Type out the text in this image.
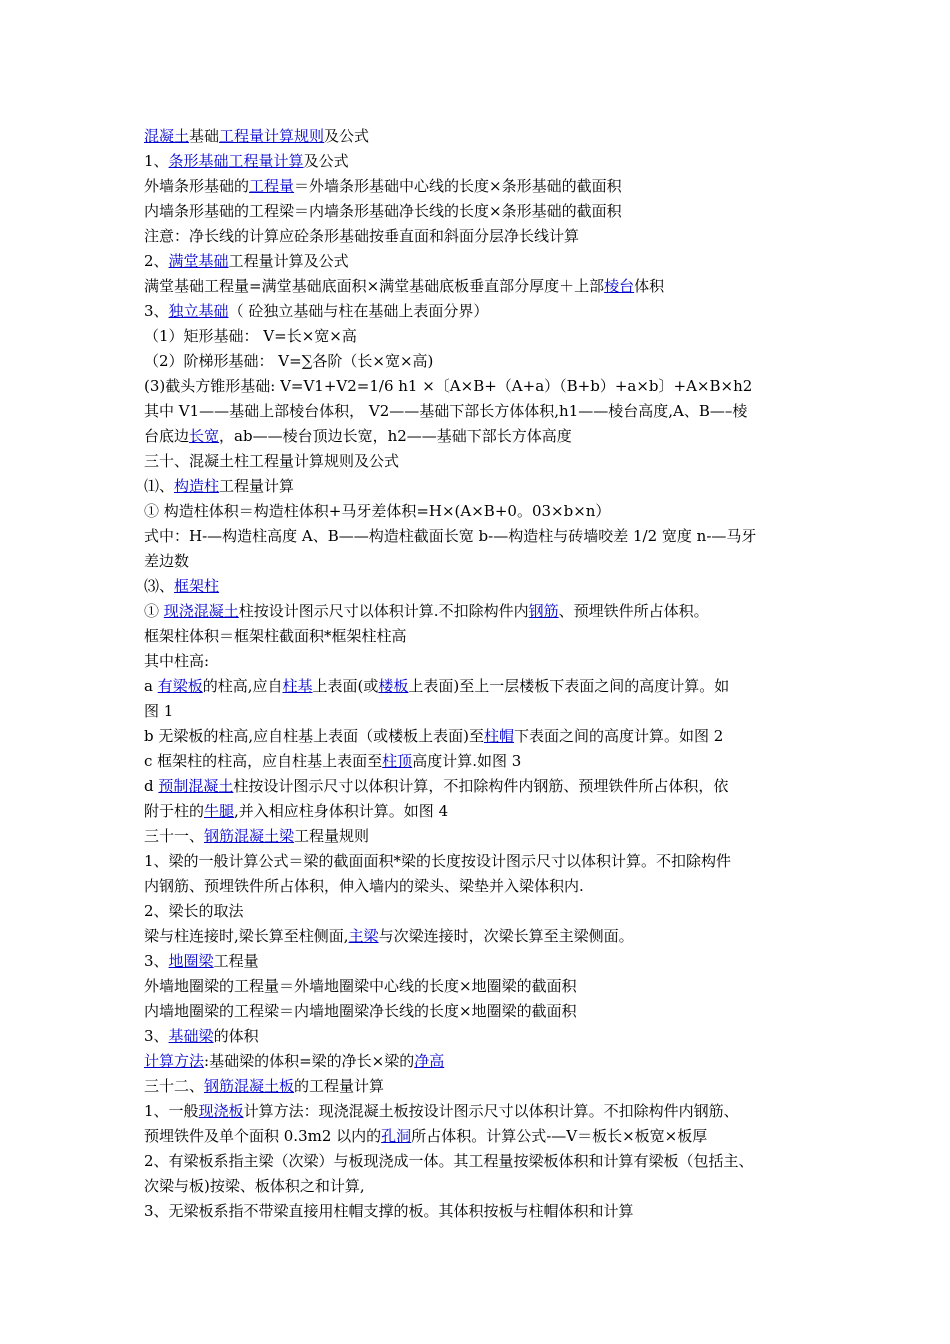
混凝土基础工程量计算规则及公式
1、条形基础工程量计算及公式
外墙条形基础的工程量＝外墙条形基础中心线的长度×条形基础的截面积
内墙条形基础的工程梁＝内墙条形基础净长线的长度×条形基础的截面积
注意：净长线的计算应砼条形基础按垂直面和斜面分层净长线计算
2、满堂基础工程量计算及公式
满堂基础工程量=满堂基础底面积×满堂基础底板垂直部分厚度＋上部棱台体积
3、独立基础（ 砼独立基础与柱在基础上表面分界）
（1）矩形基础： V=长×宽×高
（2）阶梯形基础： V=∑各阶（长×宽×高)
(3)截头方锥形基础: V=V1+V2=1/6 h1 ×〔A×B+（A+a）（B+b）+a×b〕+A×B×h2
其中 V1——基础上部棱台体积， V2——基础下部长方体体积,h1——棱台高度,A、B—–棱
台底边长宽，ab——棱台顶边长宽，h2——基础下部长方体高度
三十、混凝土柱工程量计算规则及公式
⑴、构造柱工程量计算
① 构造柱体积＝构造柱体积+马牙差体积=H×(A×B+0。03×b×n）
式中：H-—构造柱高度 A、B——构造柱截面长宽 b-—构造柱与砖墙咬差 1/2 宽度 n-—马牙
差边数
⑶、框架柱
① 现浇混凝土柱按设计图示尺寸以体积计算.不扣除构件内钢筋、预埋铁件所占体积。
框架柱体积＝框架柱截面积*框架柱柱高
其中柱高:
a 有梁板的柱高,应自柱基上表面(或楼板上表面)至上一层楼板下表面之间的高度计算。如
图 1
b 无梁板的柱高,应自柱基上表面（或楼板上表面)至柱帽下表面之间的高度计算。如图 2
c 框架柱的柱高，应自柱基上表面至柱顶高度计算.如图 3
d 预制混凝土柱按设计图示尺寸以体积计算，不扣除构件内钢筋、预埋铁件所占体积，依
附于柱的牛腿,并入相应柱身体积计算。如图 4
三十一、钢筋混凝土梁工程量规则
1、梁的一般计算公式＝梁的截面面积*梁的长度按设计图示尺寸以体积计算。不扣除构件
内钢筋、预埋铁件所占体积，伸入墙内的梁头、梁垫并入梁体积内.
2、梁长的取法
梁与柱连接时,梁长算至柱侧面,主梁与次梁连接时，次梁长算至主梁侧面。
3、地圈梁工程量
外墙地圈梁的工程量＝外墙地圈梁中心线的长度×地圈梁的截面积
内墙地圈梁的工程梁＝内墙地圈梁净长线的长度×地圈梁的截面积
3、基础梁的体积
计算方法:基础梁的体积=梁的净长×梁的净高
三十二、钢筋混凝土板的工程量计算
1、一般现浇板计算方法：现浇混凝土板按设计图示尺寸以体积计算。不扣除构件内钢筋、
预埋铁件及单个面积 0.3m2 以内的孔洞所占体积。计算公式-—V＝板长×板宽×板厚
2、有梁板系指主梁（次梁）与板现浇成一体。其工程量按梁板体积和计算有梁板（包括主、
次梁与板)按梁、板体积之和计算,
3、无梁板系指不带梁直接用柱帽支撑的板。其体积按板与柱帽体积和计算
